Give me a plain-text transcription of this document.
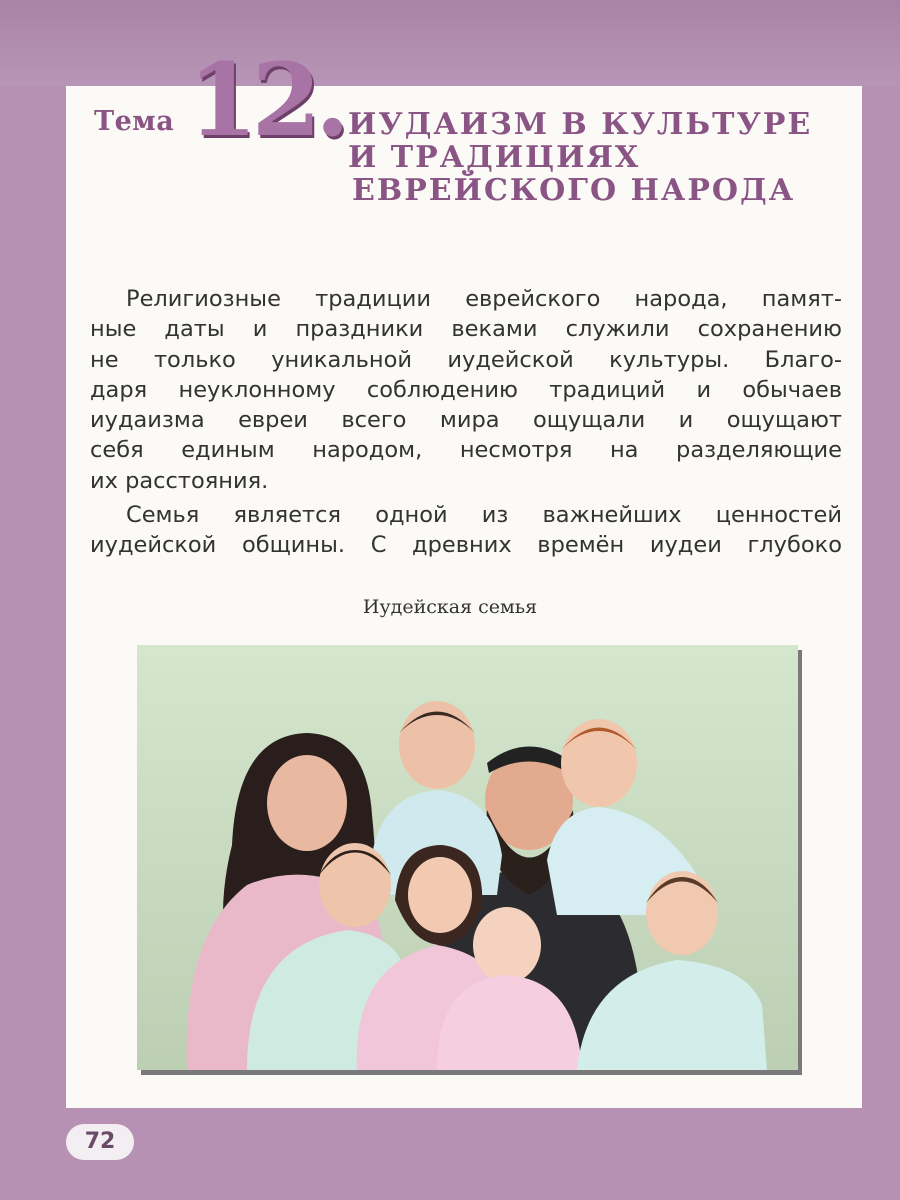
Тема 12. ИУДАИЗМ В КУЛЬТУРЕ
И ТРАДИЦИЯХ
ЕВРЕЙСКОГО НАРОДА

Религиозные традиции еврейского народа, памят-
ные даты и праздники веками служили сохранению
не только уникальной иудейской культуры. Благо-
даря неуклонному соблюдению традиций и обычаев
иудаизма евреи всего мира ощущали и ощущают
себя единым народом, несмотря на разделяющие
их расстояния.

Семья является одной из важнейших ценностей
иудейской общины. С древних времён иудеи глубоко

Иудейская семья
72
